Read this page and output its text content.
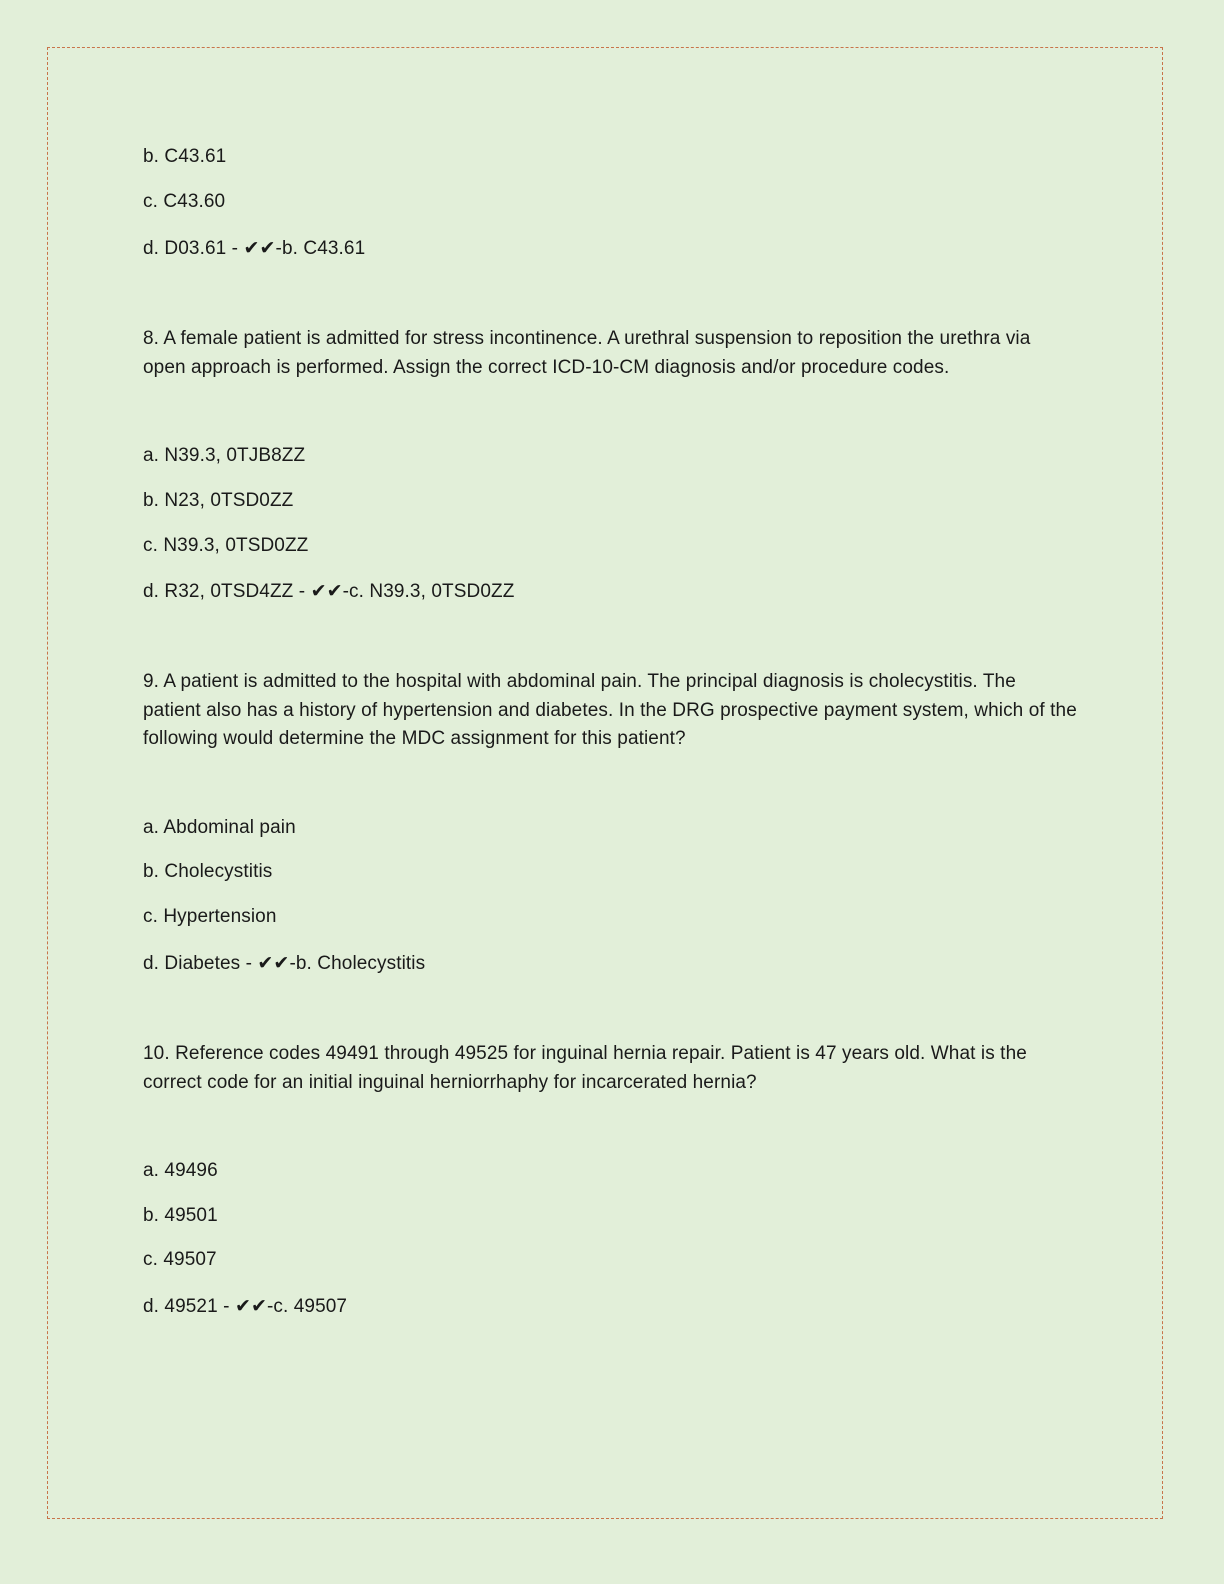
b. C43.61
c. C43.60
d. D03.61 - ✔✔-b. C43.61
8. A female patient is admitted for stress incontinence. A urethral suspension to reposition the urethra via open approach is performed. Assign the correct ICD-10-CM diagnosis and/or procedure codes.
a. N39.3, 0TJB8ZZ
b. N23, 0TSD0ZZ
c. N39.3, 0TSD0ZZ
d. R32, 0TSD4ZZ - ✔✔-c. N39.3, 0TSD0ZZ
9. A patient is admitted to the hospital with abdominal pain. The principal diagnosis is cholecystitis. The patient also has a history of hypertension and diabetes. In the DRG prospective payment system, which of the following would determine the MDC assignment for this patient?
a. Abdominal pain
b. Cholecystitis
c. Hypertension
d. Diabetes - ✔✔-b. Cholecystitis
10. Reference codes 49491 through 49525 for inguinal hernia repair. Patient is 47 years old. What is the correct code for an initial inguinal herniorrhaphy for incarcerated hernia?
a. 49496
b. 49501
c. 49507
d. 49521 - ✔✔-c. 49507
